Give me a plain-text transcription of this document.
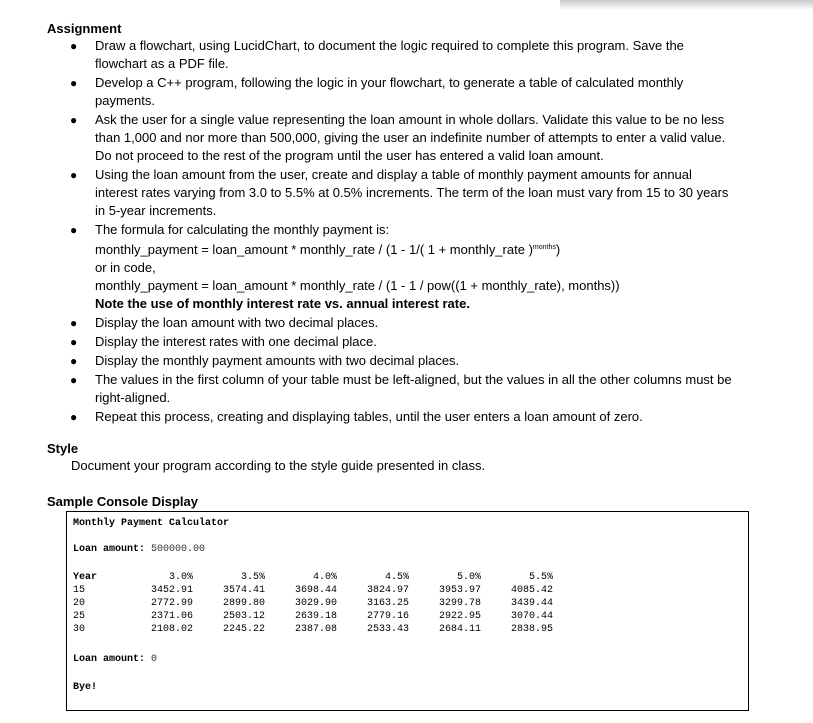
Assignment
● Draw a flowchart, using LucidChart, to document the logic required to complete this program. Save the
flowchart as a PDF file.
● Develop a C++ program, following the logic in your flowchart, to generate a table of calculated monthly
payments.
● Ask the user for a single value representing the loan amount in whole dollars. Validate this value to be no less
than 1,000 and nor more than 500,000, giving the user an indefinite number of attempts to enter a valid value.
Do not proceed to the rest of the program until the user has entered a valid loan amount.
● Using the loan amount from the user, create and display a table of monthly payment amounts for annual
interest rates varying from 3.0 to 5.5% at 0.5% increments. The term of the loan must vary from 15 to 30 years
in 5-year increments.
● The formula for calculating the monthly payment is:
monthly_payment = loan_amount * monthly_rate / (1 - 1/( 1 + monthly_rate )$^{months}$)
or in code,
monthly_payment = loan_amount * monthly_rate / (1 - 1 / pow((1 + monthly_rate), months))
Note the use of monthly interest rate vs. annual interest rate.
● Display the loan amount with two decimal places.
● Display the interest rates with one decimal place.
● Display the monthly payment amounts with two decimal places.
● The values in the first column of your table must be left-aligned, but the values in all the other columns must be
right-aligned.
● Repeat this process, creating and displaying tables, until the user enters a loan amount of zero.
Style
Document your program according to the style guide presented in class.
Sample Console Display
Monthly Payment Calculator
Loan amount: 500000.00
Year	3.0%	3.5%	4.0%	4.5%	5.0%	5.5%
15	3452.91	3574.41	3698.44	3824.97	3953.97	4085.42
20	2772.99	2899.80	3029.90	3163.25	3299.78	3439.44
25	2371.06	2503.12	2639.18	2779.16	2922.95	3070.44
30	2108.02	2245.22	2387.08	2533.43	2684.11	2838.95
Loan amount: 0
Bye!
